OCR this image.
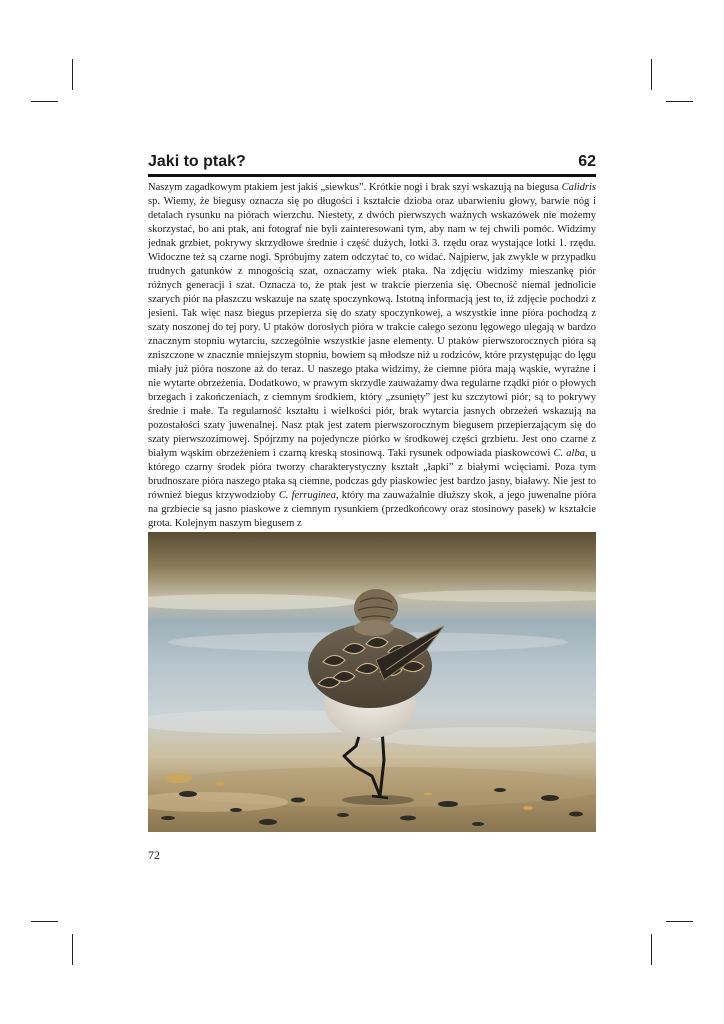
Jaki to ptak?	62

Naszym zagadkowym ptakiem jest jakiś „siewkus”. Krótkie nogi i brak szyi wskazują na biegusa Calidris sp. Wiemy, że biegusy oznacza się po długości i kształcie dzioba oraz ubarwieniu głowy, barwie nóg i detalach rysunku na piórach wierzchu. Niestety, z dwóch pierwszych ważnych wskazówek nie możemy skorzystać, bo ani ptak, ani fotograf nie byli zainteresowani tym, aby nam w tej chwili pomóc. Widzimy jednak grzbiet, pokrywy skrzydłowe średnie i część dużych, lotki 3. rzędu oraz wystające lotki 1. rzędu. Widoczne też są czarne nogi. Spróbujmy zatem odczytać to, co widać. Najpierw, jak zwykle w przypadku trudnych gatunków z mnogością szat, oznaczamy wiek ptaka. Na zdjęciu widzimy mieszankę piór różnych generacji i szat. Oznacza to, że ptak jest w trakcie pierzenia się. Obecność niemal jednolicie szarych piór na płaszczu wskazuje na szatę spoczynkową. Istotną informacją jest to, iż zdjęcie pochodzi z jesieni. Tak więc nasz biegus przepierza się do szaty spoczynkowej, a wszystkie inne pióra pochodzą z szaty noszonej do tej pory. U ptaków dorosłych pióra w trakcie całego sezonu lęgowego ulegają w bardzo znacznym stopniu wytarciu, szczególnie wszystkie jasne elementy. U ptaków pierwszorocznych pióra są zniszczone w znacznie mniejszym stopniu, bowiem są młodsze niż u rodziców, które przystępując do lęgu miały już pióra noszone aż do teraz. U naszego ptaka widzimy, że ciemne pióra mają wąskie, wyraźne i nie wytarte obrzeżenia. Dodatkowo, w prawym skrzydle zauważamy dwa regularne rządki piór o płowych brzegach i zakończeniach, z ciemnym środkiem, który „zsunięty” jest ku szczytowi piór; są to pokrywy średnie i małe. Ta regularność kształtu i wielkości piór, brak wytarcia jasnych obrzeżeń wskazują na pozostałości szaty juwenalnej. Nasz ptak jest zatem pierwszorocznym biegusem przepierzającym się do szaty pierwszozimowej. Spójrzmy na pojedyncze piórko w środkowej części grzbietu. Jest ono czarne z białym wąskim obrzeżeniem i czarną kreską stosinową. Taki rysunek odpowiada piaskowcowi C. alba, u którego czarny środek pióra tworzy charakterystyczny kształt „łapki” z białymi wcięciami. Poza tym brudnoszare pióra naszego ptaka są ciemne, podczas gdy piaskowiec jest bardzo jasny, białawy. Nie jest to również biegus krzywodzioby C. ferruginea, który ma zauważalnie dłuższy skok, a jego juwenalne pióra na grzbiecie są jasno piaskowe z ciemnym rysunkiem (przedkońcowy oraz stosinowy pasek) w kształcie grota. Kolejnym naszym biegusem z

72
